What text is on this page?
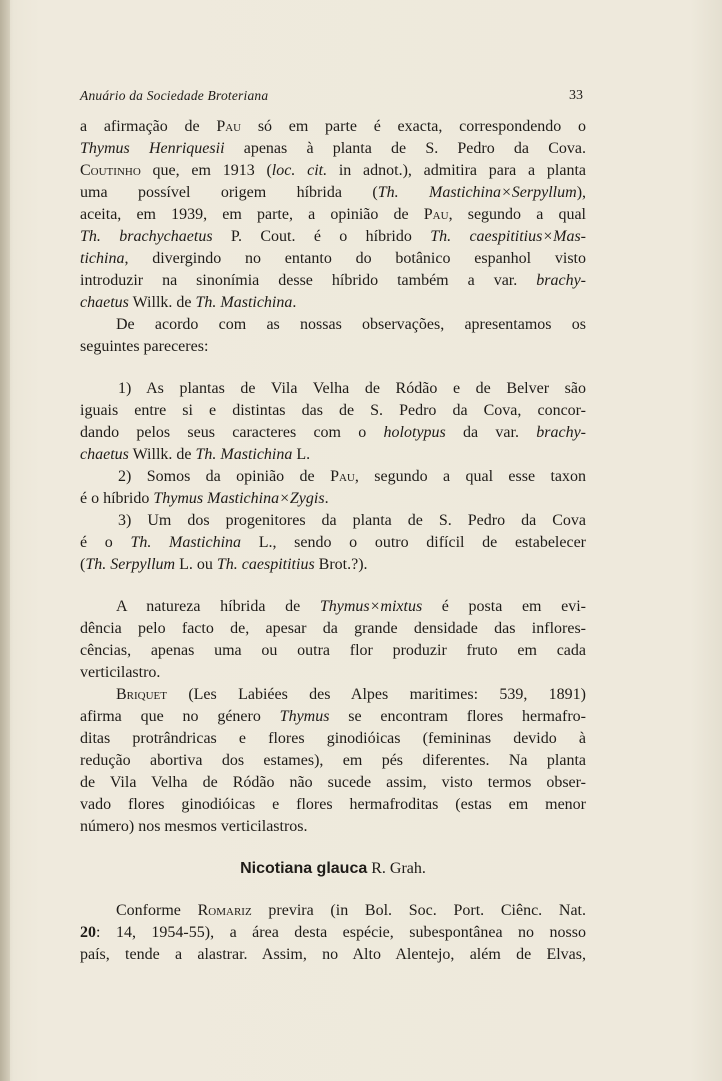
Anuário da Sociedade Broteriana	33
a afirmação de Pau só em parte é exacta, correspondendo o
Thymus Henriquesii apenas à planta de S. Pedro da Cova.
Coutinho que, em 1913 (loc. cit. in adnot.), admitira para a planta
uma possível origem híbrida (Th. Mastichina×Serpyllum),
aceita, em 1939, em parte, a opinião de Pau, segundo a qual
Th. brachychaetus P. Cout. é o híbrido Th. caespititius×Mas-
tichina, divergindo no entanto do botânico espanhol visto
introduzir na sinonímia desse híbrido também a var. brachy-
chaetus Willk. de Th. Mastichina.
De acordo com as nossas observações, apresentamos os
seguintes pareceres:
1) As plantas de Vila Velha de Ródão e de Belver são
iguais entre si e distintas das de S. Pedro da Cova, concor-
dando pelos seus caracteres com o holotypus da var. brachy-
chaetus Willk. de Th. Mastichina L.
2) Somos da opinião de Pau, segundo a qual esse taxon
é o híbrido Thymus Mastichina×Zygis.
3) Um dos progenitores da planta de S. Pedro da Cova
é o Th. Mastichina L., sendo o outro difícil de estabelecer
(Th. Serpyllum L. ou Th. caespititius Brot.?).
A natureza híbrida de Thymus×mixtus é posta em evi-
dência pelo facto de, apesar da grande densidade das inflores-
cências, apenas uma ou outra flor produzir fruto em cada
verticilastro.
Briquet (Les Labiées des Alpes maritimes: 539, 1891)
afirma que no género Thymus se encontram flores hermafro-
ditas protrândricas e flores ginodióicas (femininas devido à
redução abortiva dos estames), em pés diferentes. Na planta
de Vila Velha de Ródão não sucede assim, visto termos obser-
vado flores ginodióicas e flores hermafroditas (estas em menor
número) nos mesmos verticilastros.
Nicotiana glauca R. Grah.
Conforme Romariz previra (in Bol. Soc. Port. Ciênc. Nat.
20: 14, 1954-55), a área desta espécie, subespontânea no nosso
país, tende a alastrar. Assim, no Alto Alentejo, além de Elvas,
